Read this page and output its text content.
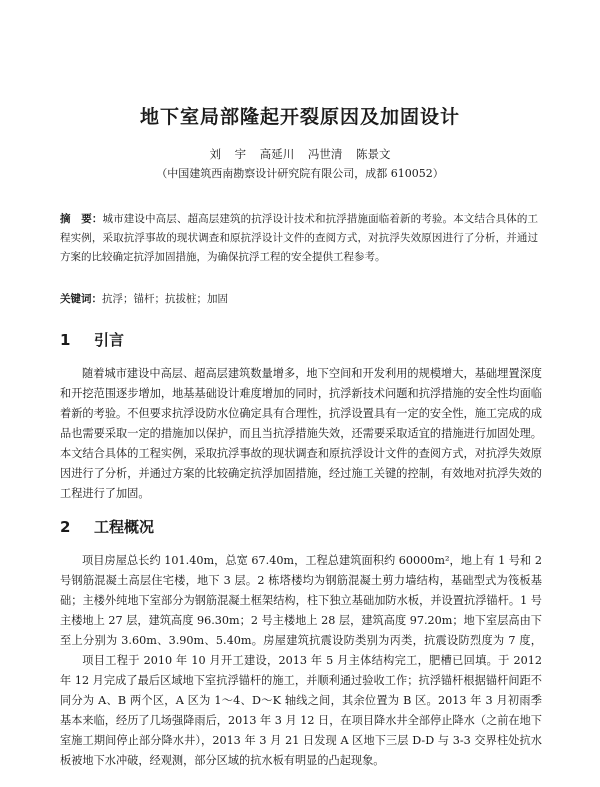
地下室局部隆起开裂原因及加固设计
刘 宇 高延川 冯世清 陈景文
（中国建筑西南勘察设计研究院有限公司，成都 610052）

摘　要：城市建设中高层、超高层建筑的抗浮设计技术和抗浮措施面临着新的考验。本文结合具体的工程实例，采取抗浮事故的现状调查和原抗浮设计文件的查阅方式，对抗浮失效原因进行了分析，并通过方案的比较确定抗浮加固措施，为确保抗浮工程的安全提供工程参考。

关键词：抗浮；锚杆；抗拔桩；加固

1 引言

随着城市建设中高层、超高层建筑数量增多，地下空间和开发利用的规模增大，基础埋置深度和开挖范围逐步增加，地基基础设计难度增加的同时，抗浮新技术问题和抗浮措施的安全性均面临着新的考验。不但要求抗浮设防水位确定具有合理性，抗浮设置具有一定的安全性，施工完成的成品也需要采取一定的措施加以保护，而且当抗浮措施失效，还需要采取适宜的措施进行加固处理。本文结合具体的工程实例，采取抗浮事故的现状调查和原抗浮设计文件的查阅方式，对抗浮失效原因进行了分析，并通过方案的比较确定抗浮加固措施，经过施工关键的控制，有效地对抗浮失效的工程进行了加固。

2 工程概况

项目房屋总长约 101.40m，总宽 67.40m，工程总建筑面积约 60000m²，地上有 1 号和 2 号钢筋混凝土高层住宅楼，地下 3 层。2 栋塔楼均为钢筋混凝土剪力墙结构，基础型式为筏板基础；主楼外纯地下室部分为钢筋混凝土框架结构，柱下独立基础加防水板，并设置抗浮锚杆。1 号主楼地上 27 层，建筑高度 96.30m；2 号主楼地上 28 层，建筑高度 97.20m；地下室层高由下至上分别为 3.60m、3.90m、5.40m。房屋建筑抗震设防类别为丙类，抗震设防烈度为 7 度，

项目工程于 2010 年 10 月开工建设，2013 年 5 月主体结构完工，肥槽已回填。于 2012 年 12 月完成了最后区域地下室抗浮锚杆的施工，并顺利通过验收工作；抗浮锚杆根据锚杆间距不同分为 A、B 两个区，A 区为 1～4、D～K 轴线之间，其余位置为 B 区。2013 年 3 月初雨季基本来临，经历了几场强降雨后，2013 年 3 月 12 日，在项目降水井全部停止降水（之前在地下室施工期间停止部分降水井），2013 年 3 月 21 日发现 A 区地下三层 D-D 与 3-3 交界柱处抗水板被地下水冲破，经观测，部分区域的抗水板有明显的凸起现象。
